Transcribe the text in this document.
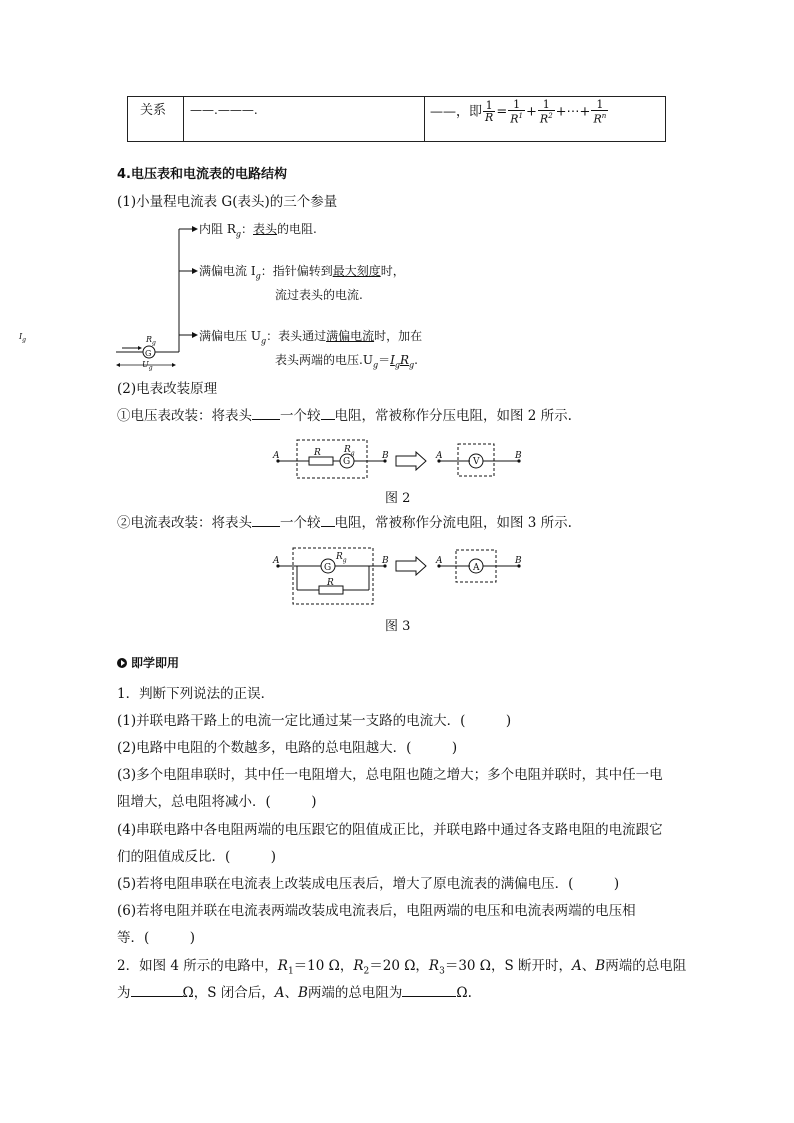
关系 ——.———.	——，即 $\frac{1}{R} = \frac{1}{R^1} + \frac{1}{R^2}$ +⋯+ $\frac{1}{R^n}$
4.电压表和电流表的电路结构
(1)小量程电流表 G(表头)的三个参量
$I_g$	$R_g$
G
$U_g$
内阻 $R_g$：表头的电阻.
满偏电流 $I_g$：指针偏转到最大刻度时，
流过表头的电流.
满偏电压 $U_g$：表头通过满偏电流时，加在
表头两端的电压$.U_g=I_gR_g$.
(2)电表改装原理
①电压表改装：将表头 一个较 电阻，常被称作分压电阻，如图 2 所示.
A	R
G
$R_g$	B	A
V
B
图 2
②电流表改装：将表头 一个较 电阻，常被称作分流电阻，如图 3 所示.
A
G
$R_g$
R
B	A
A
B
图 3
即学即用
1．判断下列说法的正误．
(1)并联电路干路上的电流一定比通过某一支路的电流大．(　　　)
(2)电路中电阻的个数越多，电路的总电阻越大．(　　　)
(3)多个电阻串联时，其中任一电阻增大，总电阻也随之增大；多个电阻并联时，其中任一电
阻增大，总电阻将减小．(　　　)
(4)串联电路中各电阻两端的电压跟它的阻值成正比，并联电路中通过各支路电阻的电流跟它
们的阻值成反比．(　　　)
(5)若将电阻串联在电流表上改装成电压表后，增大了原电流表的满偏电压．(　　　)
(6)若将电阻并联在电流表两端改装成电流表后，电阻两端的电压和电流表两端的电压相
等．(　　　)
2．如图 4 所示的电路中，$R_1=10$ Ω，$R_2=20$ Ω，$R_3=30$ Ω，S 断开时，A、B两端的总电阻
为	Ω，S 闭合后，A、B两端的总电阻为	Ω.
